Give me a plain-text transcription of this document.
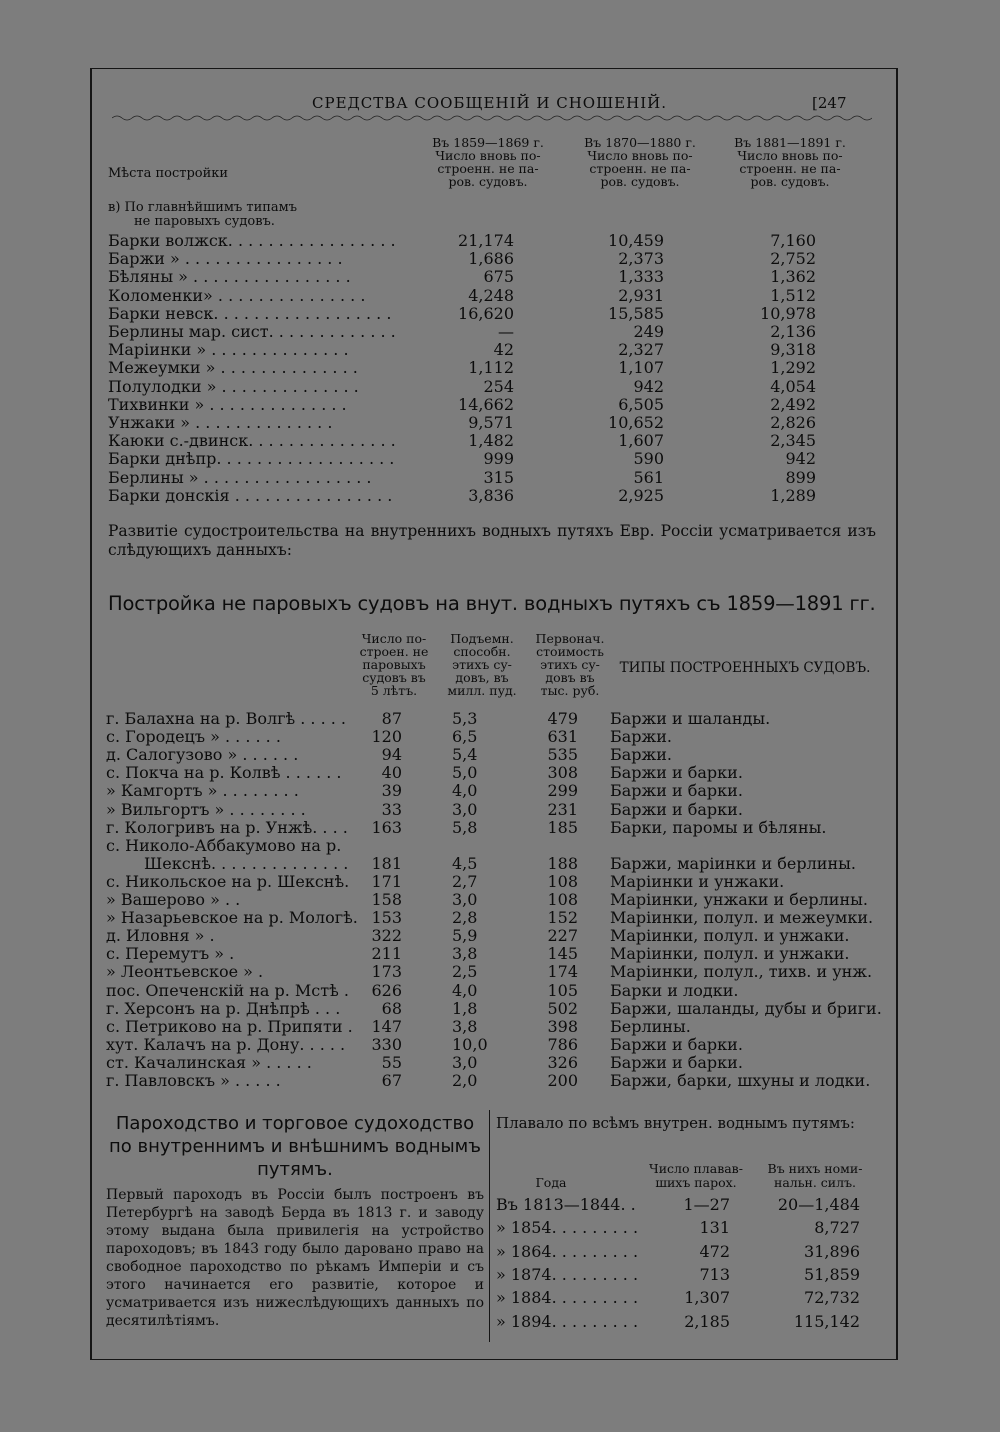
СРЕДСТВА СООБЩЕНІЙ И СНОШЕНІЙ.	[247
Мѣста постройки
Въ 1859—1869 г.
Число вновь по-
строенн. не па-
ров. судовъ.
Въ 1870—1880 г.
Число вновь по-
строенн. не па-
ров. судовъ.
Въ 1881—1891 г.
Число вновь по-
строенн. не па-
ров. судовъ.
в) По главнѣйшимъ типамъ
не паровыхъ судовъ.
Барки волжск. . . . . . . . . . . . . . . . .	21,174	10,459	7,160
Баржи » . . . . . . . . . . . . . . . .	1,686	2,373	2,752
Бѣляны » . . . . . . . . . . . . . . . .	675	1,333	1,362
Коломенки» . . . . . . . . . . . . . . .	4,248	2,931	1,512
Барки невск. . . . . . . . . . . . . . . . . .	16,620	15,585	10,978
Берлины мар. сист. . . . . . . . . . . . .	—	249	2,136
Маріинки » . . . . . . . . . . . . . .	42	2,327	9,318
Межеумки » . . . . . . . . . . . . . .	1,112	1,107	1,292
Полулодки » . . . . . . . . . . . . . .	254	942	4,054
Тихвинки » . . . . . . . . . . . . . .	14,662	6,505	2,492
Унжаки » . . . . . . . . . . . . . .	9,571	10,652	2,826
Каюки с.-двинск. . . . . . . . . . . . . . .	1,482	1,607	2,345
Барки днѣпр. . . . . . . . . . . . . . . . . .	999	590	942
Берлины » . . . . . . . . . . . . . . . . .	315	561	899
Барки донскія . . . . . . . . . . . . . . . .	3,836	2,925	1,289
Развитіе судостроительства на внутреннихъ водныхъ путяхъ Евр. Россіи усматривается изъ слѣдующихъ данныхъ:
Постройка не паровыхъ судовъ на внут. водныхъ путяхъ съ 1859—1891 гг.
Число по-
строен. не
паровыхъ
судовъ въ
5 лѣтъ.
Подъемн.
способн.
этихъ су-
довъ, въ
милл. пуд.
Первонач.
стоимость
этихъ су-
довъ въ
тыс. руб.
ТИПЫ ПОСТРОЕННЫХЪ СУДОВЪ.
г. Балахна на р. Волгѣ . . . . . 87	5,3	479 Баржи и шаланды.
с. Городецъ » . . . . . .	120	6,5	631 Баржи.
д. Салогузово » . . . . . .	94	5,4	535 Баржи.
с. Покча на р. Колвѣ . . . . . .	40	5,0	308 Баржи и барки.
» Камгортъ » . . . . . . . .	39	4,0	299 Баржи и барки.
» Вильгортъ » . . . . . . . .	33	3,0	231 Баржи и барки.
г. Кологривъ на р. Унжѣ. . . . 163	5,8	185 Барки, паромы и бѣляны.
с. Николо-Аббакумово на р.
Шекснѣ. . . . . . . . . . . . . . 181	4,5	188 Баржи, маріинки и берлины.
с. Никольское на р. Шекснѣ. 171	2,7	108 Маріинки и унжаки.
» Вашерово » . .	158	3,0	108 Маріинки, унжаки и берлины.
» Назарьевское на р. Мологѣ. 153	2,8	152 Маріинки, полул. и межеумки.
д. Иловня » .	322	5,9	227 Маріинки, полул. и унжаки.
с. Перемутъ » .	211	3,8	145 Маріинки, полул. и унжаки.
» Леонтьевское » .	173	2,5	174 Маріинки, полул., тихв. и унж.
пос. Опеченскій на р. Мстѣ . 626	4,0	105 Барки и лодки.
г. Херсонъ на р. Днѣпрѣ . . .	68	1,8	502 Баржи, шаланды, дубы и бриги.
с. Петриково на р. Припяти . 147	3,8	398 Берлины.
хут. Калачъ на р. Дону. . . . . 330	10,0	786 Баржи и барки.
ст. Качалинская » . . . . .	55	3,0	326 Баржи и барки.
г. Павловскъ » . . . . .	67	2,0	200 Баржи, барки, шхуны и лодки.
Пароходство и торговое судоходство по внутреннимъ и внѣшнимъ воднымъ путямъ.
Первый пароходъ въ Россіи былъ построенъ въ Петербургѣ на заводѣ Берда въ 1813 г. и заводу этому выдана была привилегія на устройство пароходовъ; въ 1843 году было даровано право на свободное пароходство по рѣкамъ Имперіи и съ этого начинается его развитіе, которое и усматривается изъ нижеслѣдующихъ данныхъ по десятилѣтіямъ.
Плавало по всѣмъ внутрен. воднымъ путямъ:
Года
Число плавав-
шихъ парох.
Въ нихъ номи-
нальн. силъ.
Въ 1813—1844. .	1—27	20—1,484
» 1854. . . . . . . . .	131	8,727
» 1864. . . . . . . . .	472	31,896
» 1874. . . . . . . . .	713	51,859
» 1884. . . . . . . . .	1,307	72,732
» 1894. . . . . . . . .	2,185	115,142
